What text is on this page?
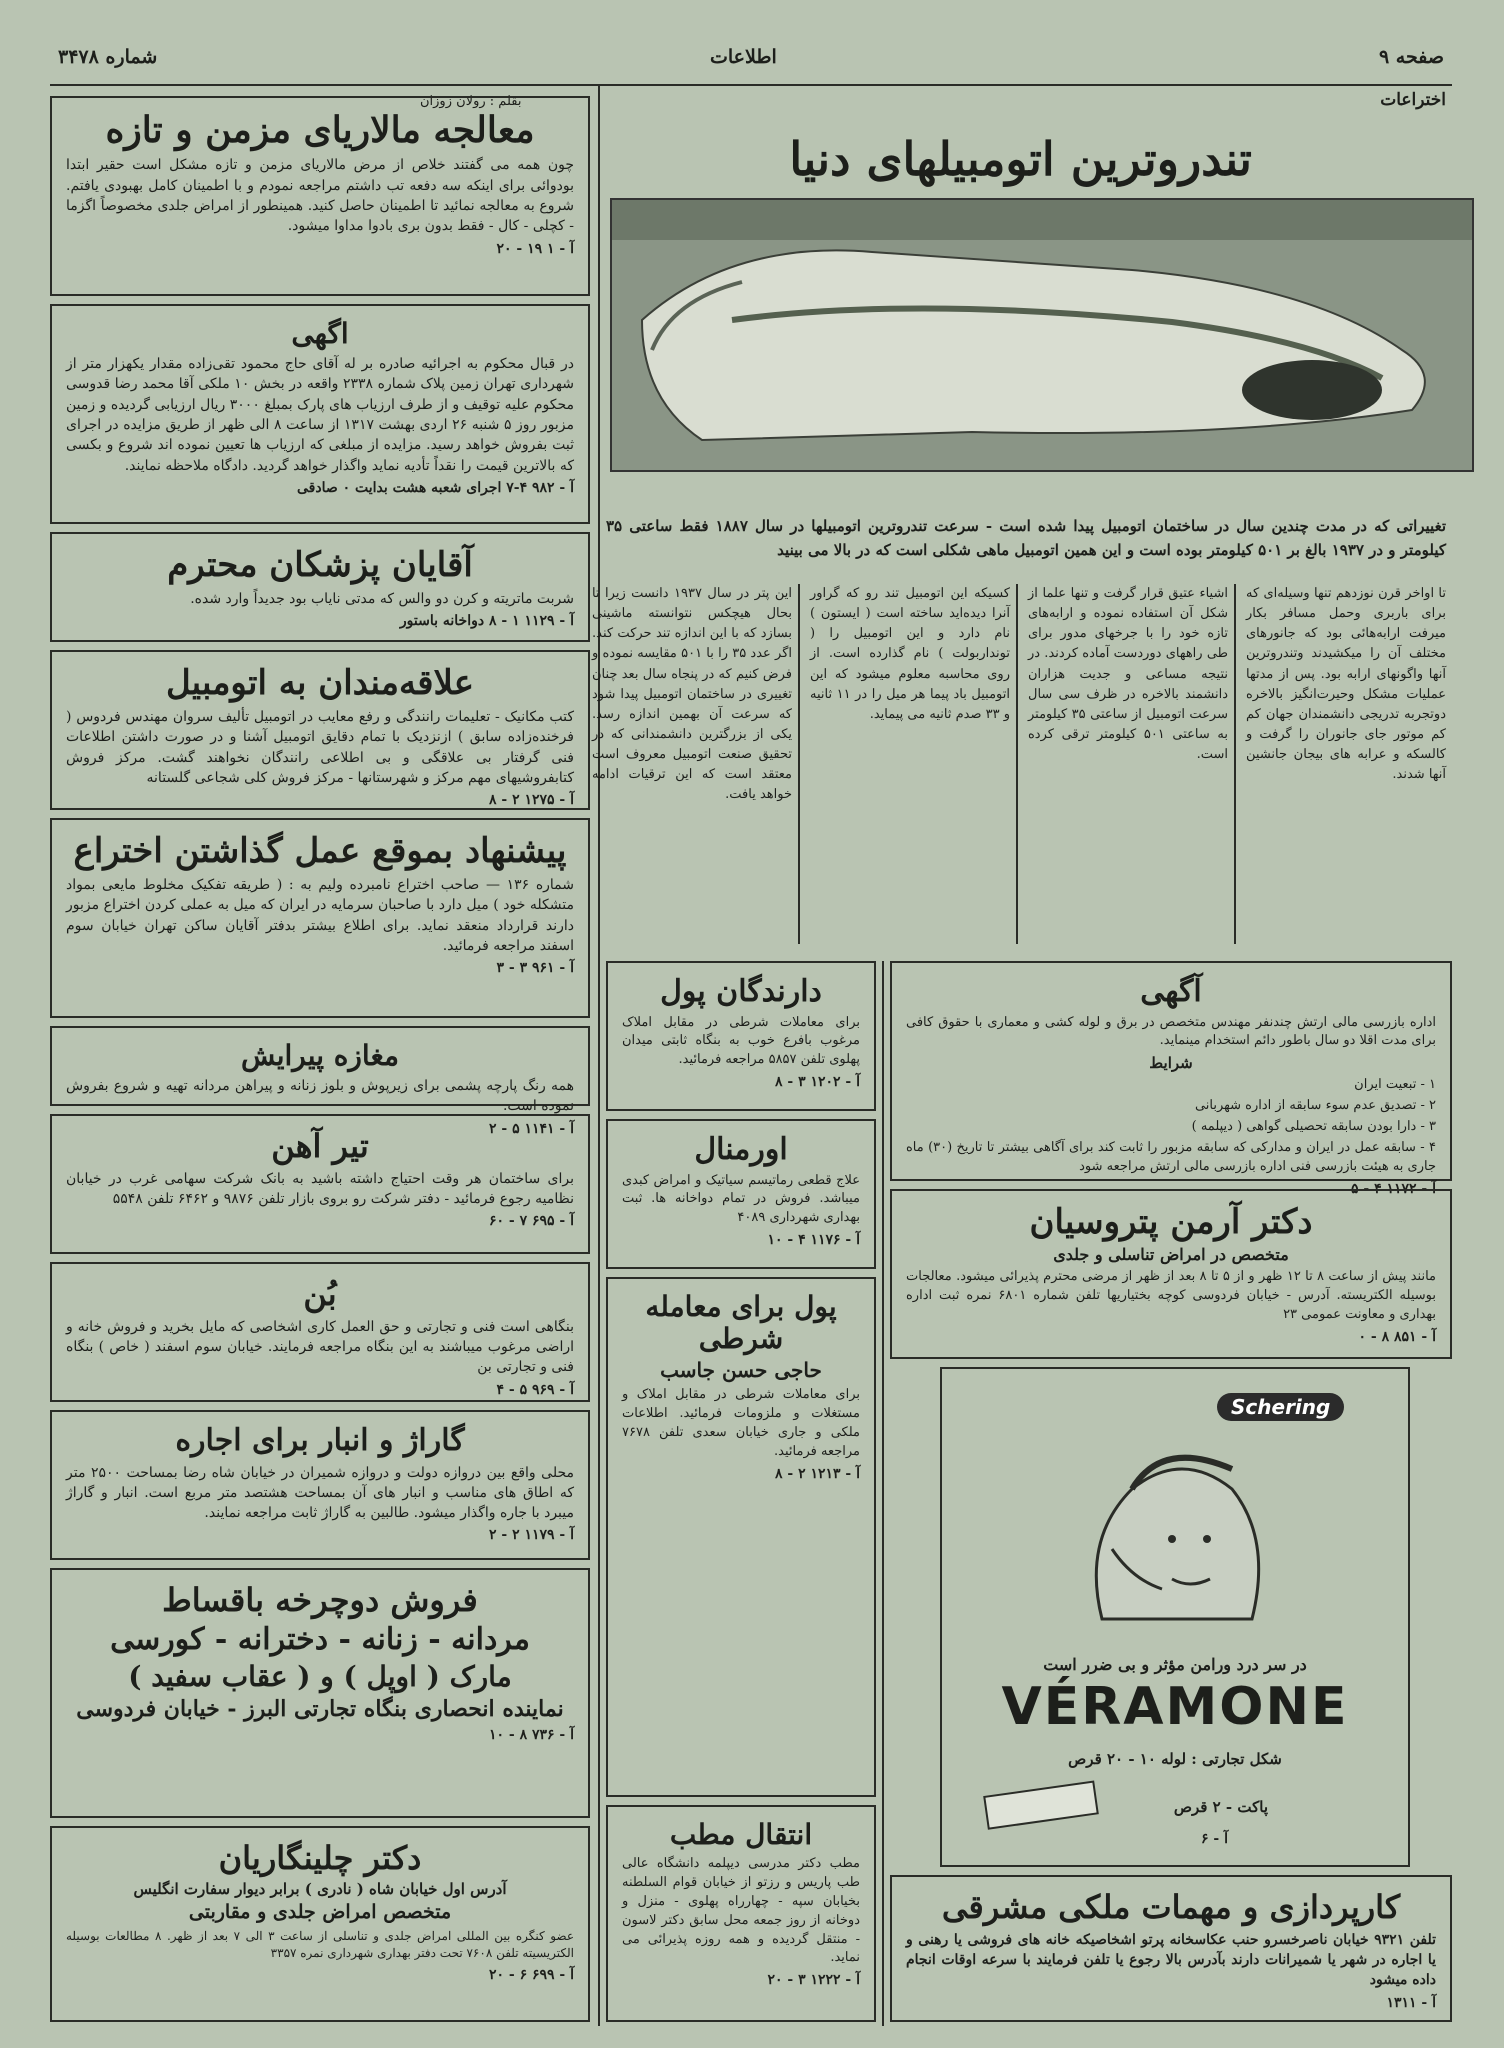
صفحه ۹
اطلاعات
شماره ۳۴۷۸
اختراعات
بقلم : رولان زوزان
تندروترین اتومبیلهای دنیا
تغییراتی که در مدت چندین سال در ساختمان اتومبیل پیدا شده است - سرعت تندروترین اتومبیلها در سال ۱۸۸۷ فقط ساعتی ۳۵ کیلومتر و در ۱۹۳۷ بالغ بر ۵۰۱ کیلومتر بوده است و این همین اتومبیل ماهی شکلی است که در بالا می بینید
تا اواخر قرن نوزدهم تنها وسیله‌ای که برای باربری وحمل مسافر بکار میرفت ارابه‌هائی بود که جانورهای مختلف آن را میکشیدند وتندروترین آنها واگونهای ارابه بود. پس از مدتها عملیات مشکل وحیرت‌انگیز بالاخره دوتجربه تدریجی دانشمندان جهان کم کم موتور جای جانوران را گرفت و کالسکه و عرابه های بیجان جانشین آنها شدند.
اشیاء عتیق قرار گرفت و تنها علما از شکل آن استفاده نموده و ارابه‌های تازه خود را با جرخهای مدور برای طی راههای دوردست آماده کردند. در نتیجه مساعی و جدیت هزاران دانشمند بالاخره در ظرف سی سال سرعت اتومبیل از ساعتی ۳۵ کیلومتر به ساعتی ۵۰۱ کیلومتر ترقی کرده است.
کسیکه این اتومبیل تند رو که گراور آنرا دیده‌اید ساخته است ( ایستون ) نام دارد و این اتومبیل را ( تونداربولت ) نام گذارده است. از روی محاسبه معلوم میشود که این اتومبیل باد پیما هر میل را در ۱۱ ثانیه و ۳۳ صدم ثانیه می پیماید.
این پتر در سال ۱۹۳۷ دانست زیرا تا بحال هیچکس نتوانسته ماشینی بسازد که با این اندازه تند حرکت کند. اگر عدد ۳۵ را با ۵۰۱ مقایسه نموده و فرض کنیم که در پنجاه سال بعد چنان تغییری در ساختمان اتومبیل پیدا شود که سرعت آن بهمین اندازه رسد. یکی از بزرگترین دانشمندانی که در تحقیق صنعت اتومبیل معروف است معتقد است که این ترقیات ادامه خواهد یافت.
معالجه مالاریای مزمن و تازه
چون همه می گفتند خلاص از مرض مالاریای مزمن و تازه مشکل است حقیر ابتدا بودوائی برای اینکه سه دفعه تب داشتم مراجعه نمودم و با اطمینان کامل بهبودی یافتم. شروع به معالجه نمائید تا اطمینان حاصل کنید. همینطور از امراض جلدی مخصوصاً اگزما - کچلی - کال - فقط بدون بری بادوا مداوا میشود.
آ - ۱ ۱۹ - ۲۰
اگهی
در قبال محکوم به اجرائیه صادره بر له آقای حاج محمود تقی‌زاده مقدار یکهزار متر از شهرداری تهران زمین پلاک شماره ۲۳۳۸ واقعه در بخش ۱۰ ملکی آقا محمد رضا قدوسی محکوم علیه توقیف و از طرف ارزیاب های پارک بمبلغ ۳۰۰۰ ریال ارزیابی گردیده و زمین مزبور روز ۵ شنبه ۲۶ اردی بهشت ۱۳۱۷ از ساعت ۸ الی ظهر از طریق مزایده در اجرای ثبت بفروش خواهد رسید. مزایده از مبلغی که ارزیاب ها تعیین نموده اند شروع و بکسی که بالاترین قیمت را نقداً تأدیه نماید واگذار خواهد گردید. دادگاه ملاحظه نمایند.
آ - ۹۸۲ ۴-۷ اجرای شعبه هشت بدایت ۰ صادقی
آقایان پزشکان محترم
شربت ماتریته و کرن دو والس که مدتی نایاب بود جدیداً وارد شده.
آ - ۱۱۲۹ ۱ - ۸ دواخانه باستور
علاقه‌مندان به اتومبیل
کتب مکانیک - تعلیمات رانندگی و رفع معایب در اتومبیل تألیف سروان مهندس فردوس ( فرخنده‌زاده سابق ) ازنزدیک با تمام دقایق اتومبیل آشنا و در صورت داشتن اطلاعات فنی گرفتار بی علاقگی و بی اطلاعی رانندگان نخواهند گشت. مرکز فروش کتابفروشیهای مهم مرکز و شهرستانها - مرکز فروش کلی شجاعی گلستانه
آ - ۱۲۷۵ ۲ - ۸
پیشنهاد بموقع عمل گذاشتن اختراع
شماره ۱۳۶ — صاحب اختراع نامبرده ولیم به : ( طریقه تفکیک مخلوط مایعی بمواد متشکله خود ) میل دارد با صاحبان سرمایه در ایران که میل به عملی کردن اختراع مزبور دارند قرارداد منعقد نماید. برای اطلاع بیشتر بدفتر آقایان ساکن تهران خیابان سوم اسفند مراجعه فرمائید.
آ - ۹۶۱ ۳ - ۳
مغازه پیرایش
همه رنگ پارچه پشمی برای زیرپوش و بلوز زنانه و پیراهن مردانه تهیه و شروع بفروش نموده است.
آ - ۱۱۴۱ ۵ - ۲
تیر آهن
برای ساختمان هر وقت احتیاج داشته باشید به بانک شرکت سهامی غرب در خیابان نظامیه رجوع فرمائید - دفتر شرکت رو بروی بازار تلفن ۹۸۷۶ و ۶۴۶۲ تلفن ۵۵۴۸
آ - ۶۹۵ ۷ - ۶۰
بُن
بنگاهی است فنی و تجارتی و حق العمل کاری اشخاصی که مایل بخرید و فروش خانه و اراضی مرغوب میباشند به این بنگاه مراجعه فرمایند. خیابان سوم اسفند ( خاص ) بنگاه فنی و تجارتی بن
آ - ۹۶۹ ۵ - ۴
گاراژ و انبار برای اجاره
محلی واقع بین دروازه دولت و دروازه شمیران در خیابان شاه رضا بمساحت ۲۵۰۰ متر که اطاق های مناسب و انبار های آن بمساحت هشتصد متر مربع است. انبار و گاراژ میبرد با جاره واگذار میشود. طالبین به گاراژ ثابت مراجعه نمایند.
آ - ۱۱۷۹ ۲ - ۲
فروش دوچرخه باقساط
مردانه - زنانه - دخترانه - کورسی
مارک ( اوپل ) و ( عقاب سفید )
نماینده انحصاری بنگاه تجارتی البرز - خیابان فردوسی
آ - ۷۳۶ ۸ - ۱۰
دکتر چلینگاریان
آدرس اول خیابان شاه ( نادری ) برابر دیوار سفارت انگلیس
متخصص امراض جلدی و مقاربتی
عضو کنگره بین المللی امراض جلدی و تناسلی از ساعت ۳ الی ۷ بعد از ظهر. ۸ مطالعات بوسیله الکتریسیته تلفن ۷۶۰۸ تحت دفتر بهداری شهرداری نمره ۳۳۵۷
آ - ۶۹۹ ۶ - ۲۰
دارندگان پول
برای معاملات شرطی در مقابل املاک مرغوب بافرع خوب به بنگاه ثابتی میدان پهلوی تلفن ۵۸۵۷ مراجعه فرمائید.
آ - ۱۲۰۲ ۳ - ۸
اورمنال
علاج قطعی رماتیسم سیاتیک و امراض کبدی میباشد. فروش در تمام دواخانه ها. ثبت بهداری شهرداری ۴۰۸۹
آ - ۱۱۷۶ ۴ - ۱۰
پول برای معامله شرطی
حاجی حسن جاسب
برای معاملات شرطی در مقابل املاک و مستغلات و ملزومات فرمائید. اطلاعات ملکی و جاری خیابان سعدی تلفن ۷۶۷۸ مراجعه فرمائید.
آ - ۱۲۱۳ ۲ - ۸
انتقال مطب
مطب دکتر مدرسی دیپلمه دانشگاه عالی طب پاریس و رزتو از خیابان قوام السلطنه بخیابان سپه - چهارراه پهلوی - منزل و دوخانه از روز جمعه محل سابق دکتر لاسون - منتقل گردیده و همه روزه پذیرائی می نماید.
آ - ۱۲۲۲ ۳ - ۲۰
آگهی
اداره بازرسی مالی ارتش چندنفر مهندس متخصص در برق و لوله کشی و معماری با حقوق کافی برای مدت اقلا دو سال باطور دائم استخدام مینماید.
شرایط
۱ - تبعیت ایران
۲ - تصدیق عدم سوء سابقه از اداره شهربانی
۳ - دارا بودن سابقه تحصیلی گواهی ( دیپلمه )
۴ - سابقه عمل در ایران و مدارکی که سابقه مزبور را ثابت کند برای آگاهی بیشتر تا تاریخ (۳۰) ماه جاری به هیئت بازرسی فنی اداره بازرسی مالی ارتش مراجعه شود
آ - ۱۱۷۲ ۴ - ۵
دکتر آرمن پتروسیان
متخصص در امراض تناسلی و جلدی
مانند پیش از ساعت ۸ تا ۱۲ ظهر و از ۵ تا ۸ بعد از ظهر از مرضی محترم پذیرائی میشود. معالجات بوسیله الکتریسته. آدرس - خیابان فردوسی کوچه بختیاریها تلفن شماره ۶۸۰۱ نمره ثبت اداره بهداری و معاونت عمومی ۲۳
آ - ۸۵۱ ۸ - ۰
Schering
در سر درد ورامن مؤثر و بی ضرر است
VÉRAMONE
شکل تجارتی : لوله ۱۰ - ۲۰ قرص
پاکت - ۲ قرص
آ - ۶
کارپردازی و مهمات ملکی مشرقی
تلفن ۹۳۲۱ خیابان ناصرخسرو حنب عکاسخانه پرتو اشخاصیکه خانه های فروشی یا رهنی و یا اجاره در شهر یا شمیرانات دارند بآدرس بالا رجوع یا تلفن فرمایند با سرعه اوقات انجام داده میشود
آ - ۱۳۱۱
